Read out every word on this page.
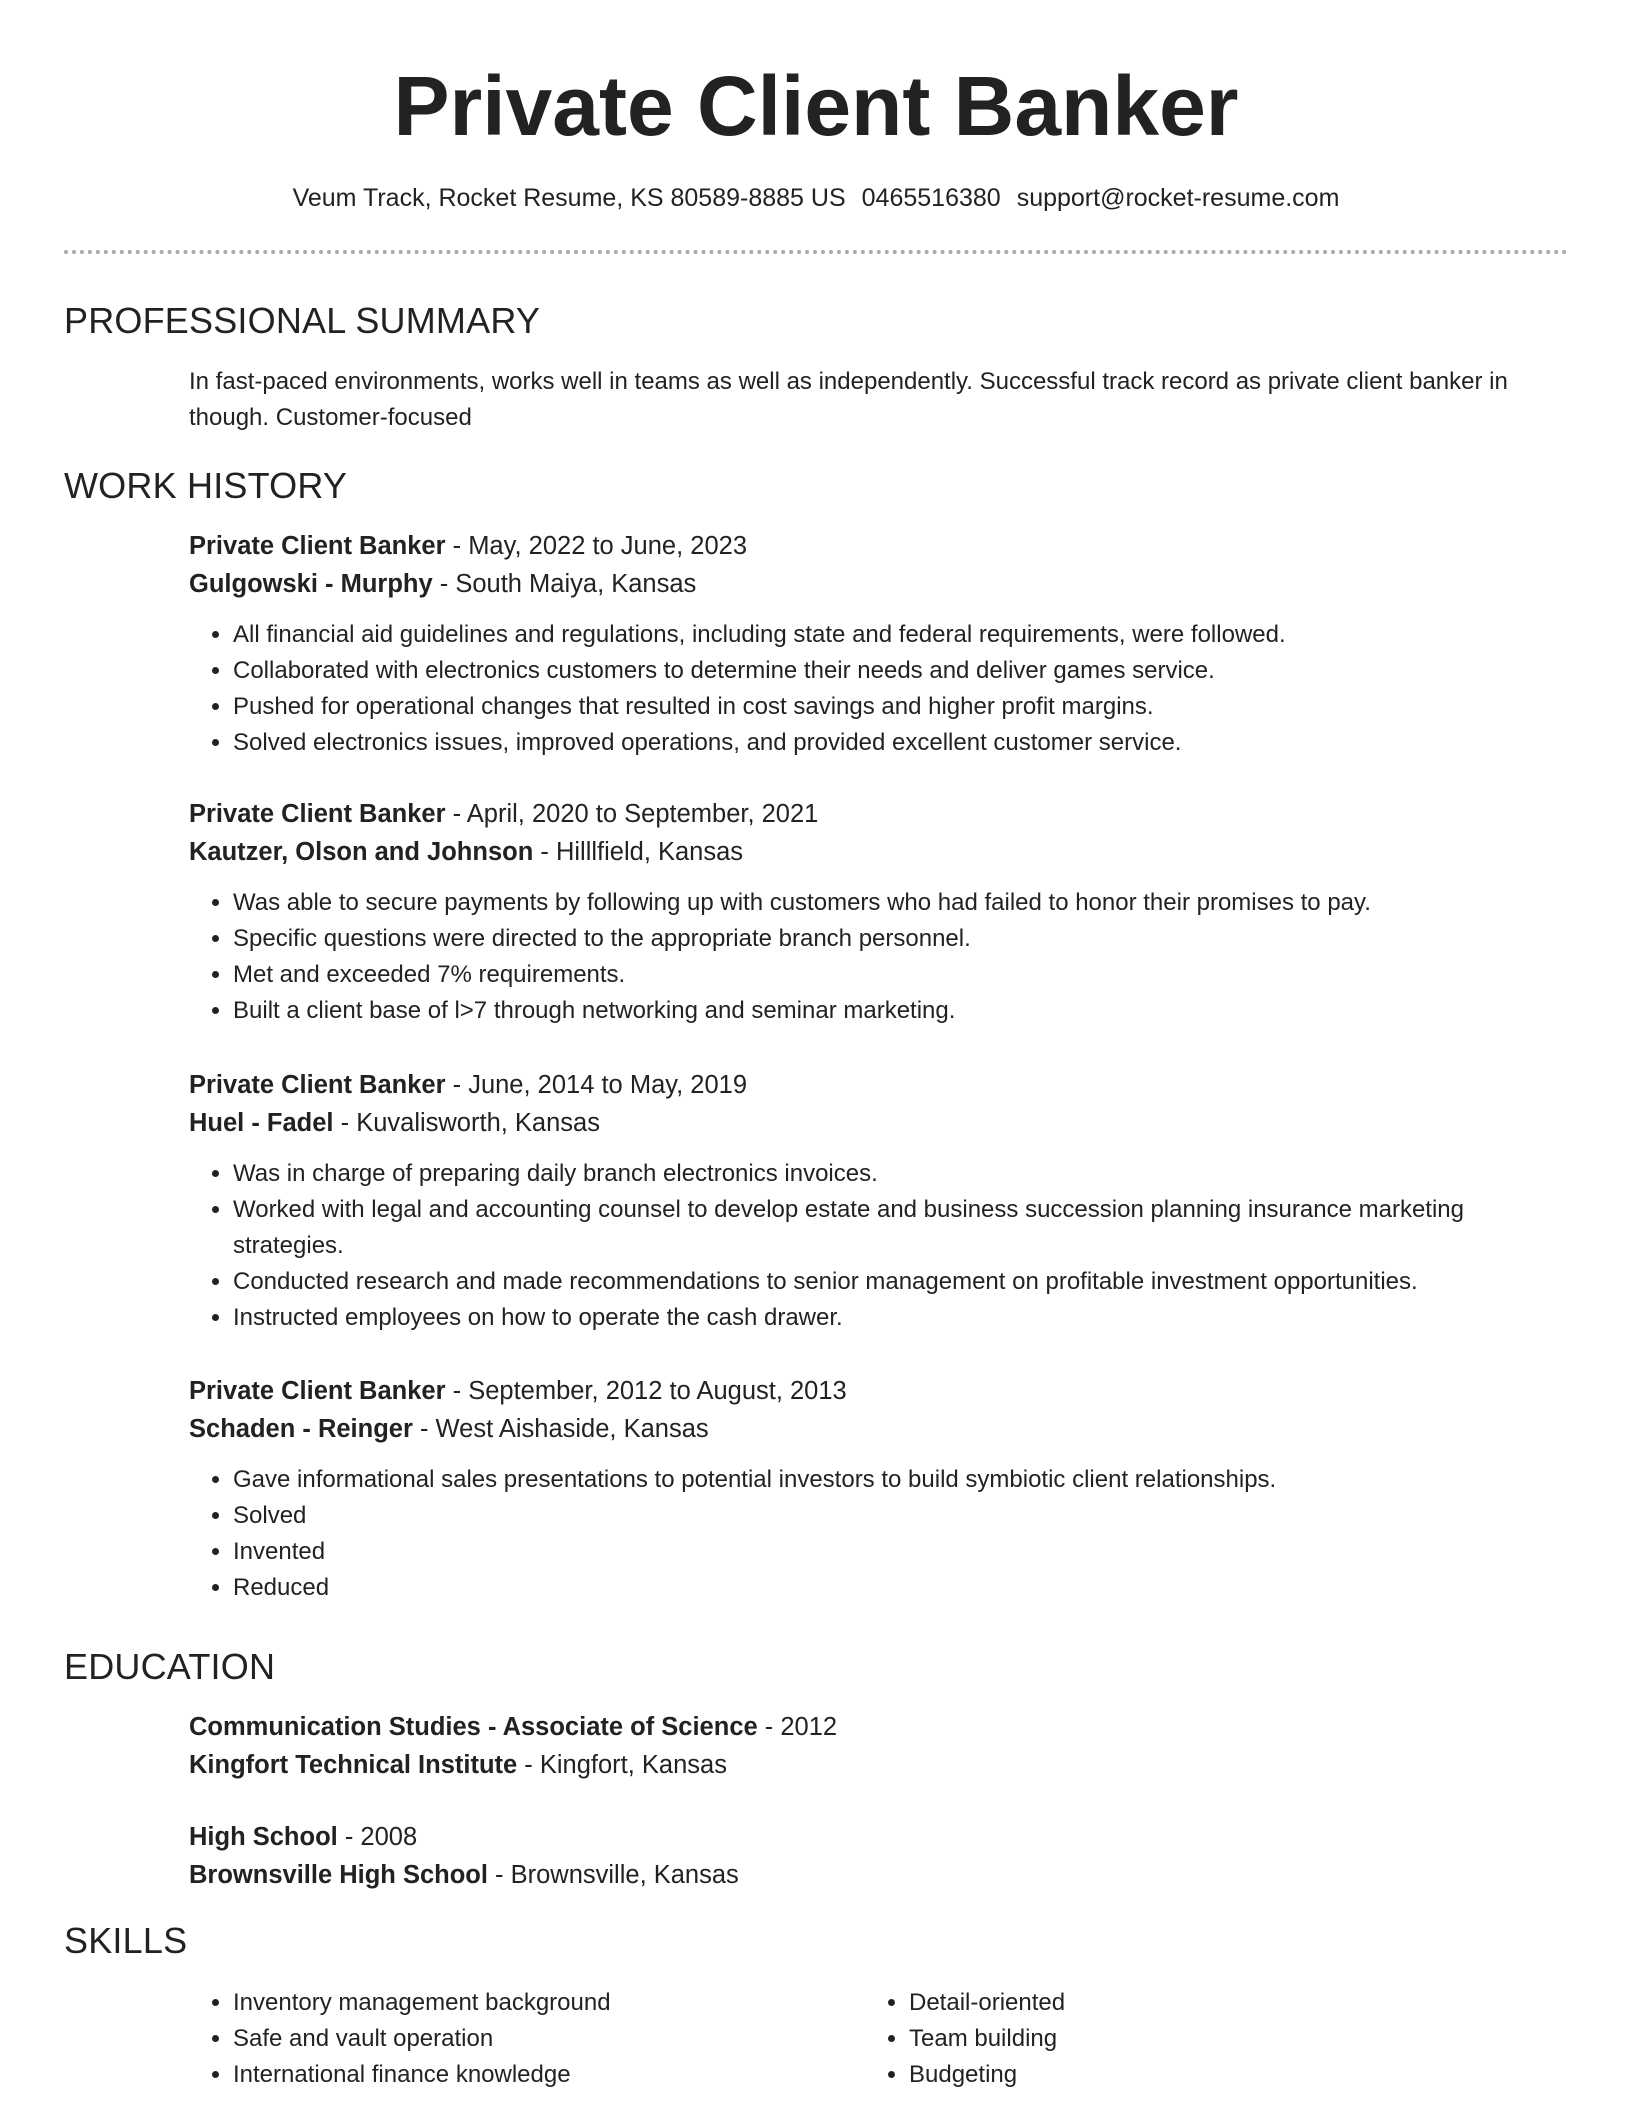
Private Client Banker
Veum Track, Rocket Resume, KS 80589-8885 US 0465516380 support@rocket-resume.com
PROFESSIONAL SUMMARY
In fast-paced environments, works well in teams as well as independently. Successful track record as private client banker in though. Customer-focused
WORK HISTORY
Private Client Banker - May, 2022 to June, 2023
Gulgowski - Murphy - South Maiya, Kansas
• All financial aid guidelines and regulations, including state and federal requirements, were followed.
• Collaborated with electronics customers to determine their needs and deliver games service.
• Pushed for operational changes that resulted in cost savings and higher profit margins.
• Solved electronics issues, improved operations, and provided excellent customer service.
Private Client Banker - April, 2020 to September, 2021
Kautzer, Olson and Johnson - Hilllfield, Kansas
• Was able to secure payments by following up with customers who had failed to honor their promises to pay.
• Specific questions were directed to the appropriate branch personnel.
• Met and exceeded 7% requirements.
• Built a client base of l>7 through networking and seminar marketing.
Private Client Banker - June, 2014 to May, 2019
Huel - Fadel - Kuvalisworth, Kansas
• Was in charge of preparing daily branch electronics invoices.
• Worked with legal and accounting counsel to develop estate and business succession planning insurance marketing strategies.
• Conducted research and made recommendations to senior management on profitable investment opportunities.
• Instructed employees on how to operate the cash drawer.
Private Client Banker - September, 2012 to August, 2013
Schaden - Reinger - West Aishaside, Kansas
• Gave informational sales presentations to potential investors to build symbiotic client relationships.
• Solved
• Invented
• Reduced
EDUCATION
Communication Studies - Associate of Science - 2012
Kingfort Technical Institute - Kingfort, Kansas
High School - 2008
Brownsville High School - Brownsville, Kansas
SKILLS
• Inventory management background
• Safe and vault operation
• International finance knowledge
• Detail-oriented
• Team building
• Budgeting
